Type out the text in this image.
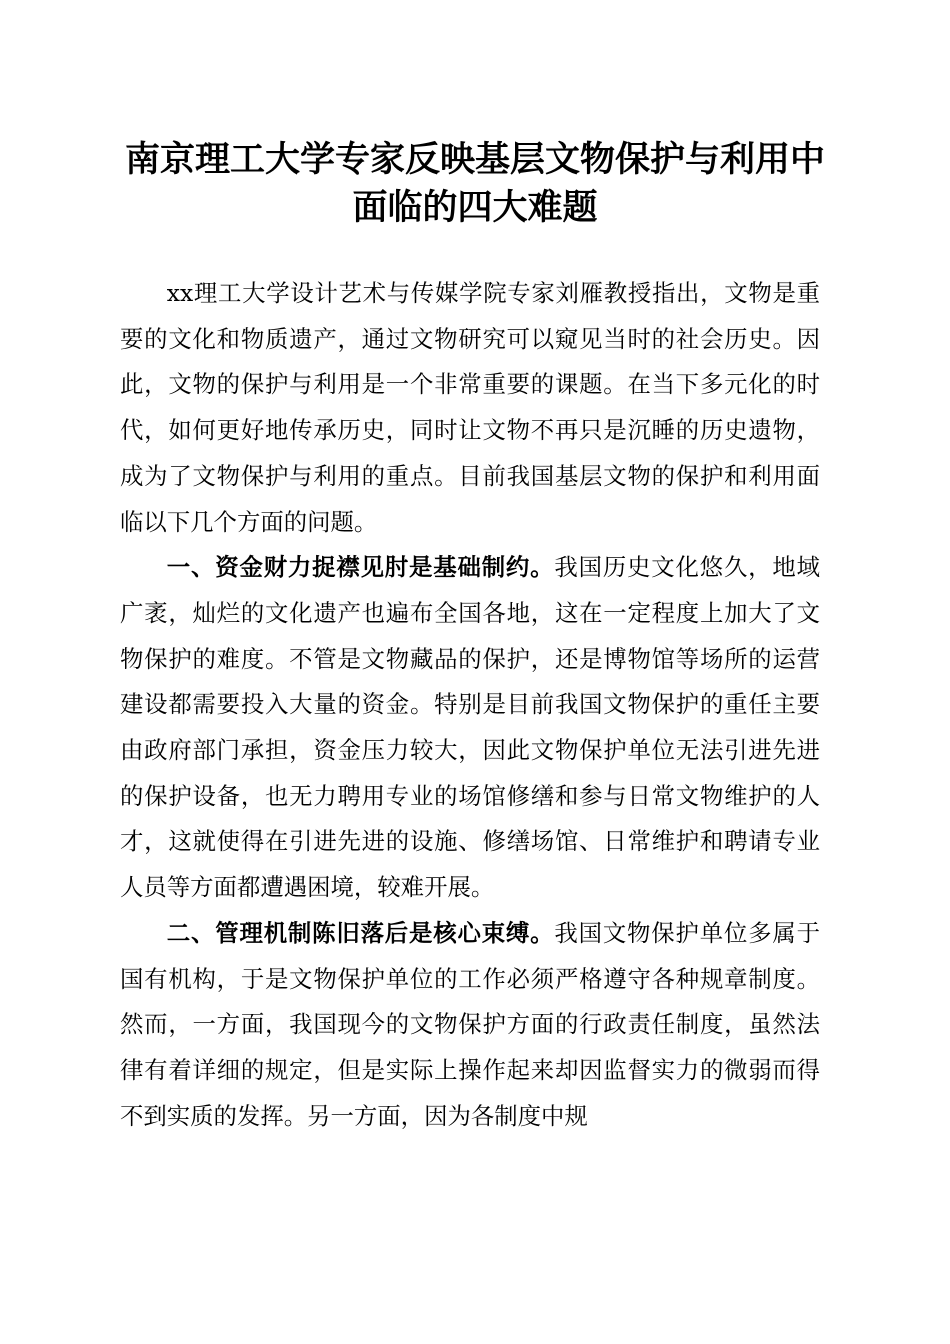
南京理工大学专家反映基层文物保护与利用中
面临的四大难题

xx理工大学设计艺术与传媒学院专家刘雁教授指出，文物是重要的文化和物质遗产，通过文物研究可以窥见当时的社会历史。因此，文物的保护与利用是一个非常重要的课题。在当下多元化的时代，如何更好地传承历史，同时让文物不再只是沉睡的历史遗物，成为了文物保护与利用的重点。目前我国基层文物的保护和利用面临以下几个方面的问题。

一、资金财力捉襟见肘是基础制约。我国历史文化悠久，地域广袤，灿烂的文化遗产也遍布全国各地，这在一定程度上加大了文物保护的难度。不管是文物藏品的保护，还是博物馆等场所的运营建设都需要投入大量的资金。特别是目前我国文物保护的重任主要由政府部门承担，资金压力较大，因此文物保护单位无法引进先进的保护设备，也无力聘用专业的场馆修缮和参与日常文物维护的人才，这就使得在引进先进的设施、修缮场馆、日常维护和聘请专业人员等方面都遭遇困境，较难开展。

二、管理机制陈旧落后是核心束缚。我国文物保护单位多属于国有机构，于是文物保护单位的工作必须严格遵守各种规章制度。然而，一方面，我国现今的文物保护方面的行政责任制度，虽然法律有着详细的规定，但是实际上操作起来却因监督实力的微弱而得不到实质的发挥。另一方面，因为各制度中规
